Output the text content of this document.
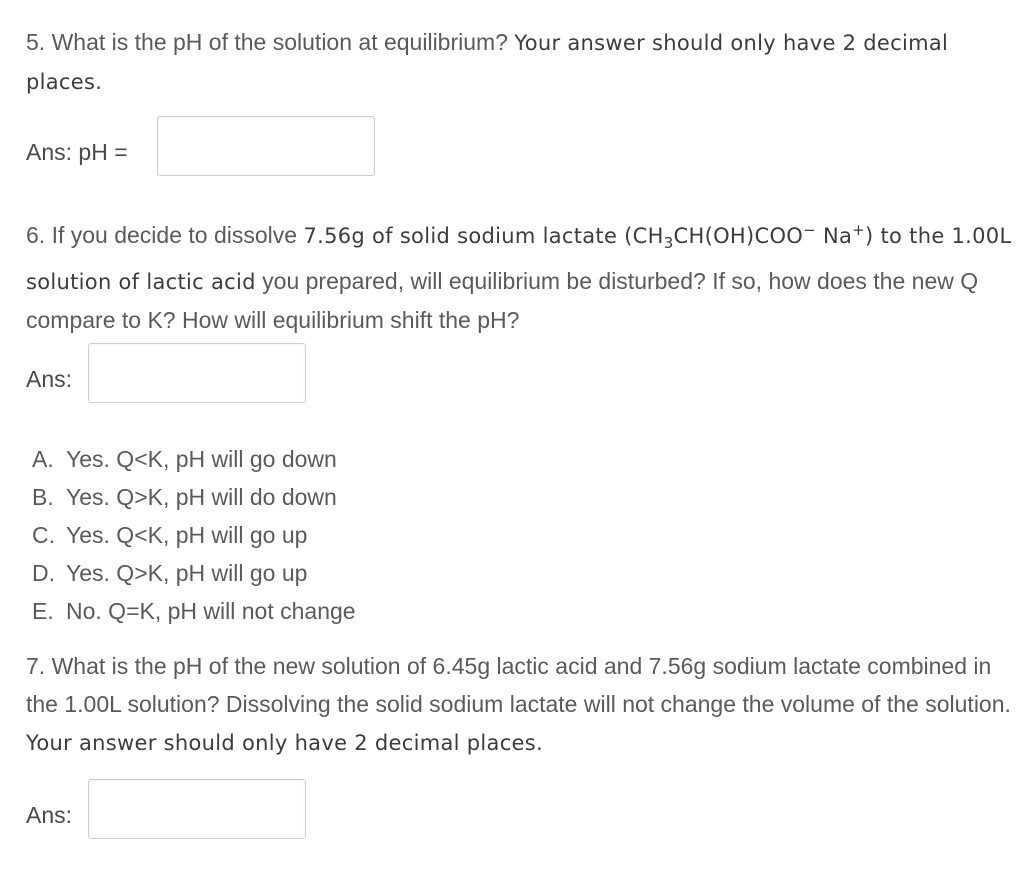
5. What is the pH of the solution at equilibrium? Your answer should only have 2 decimal places.
Ans: pH =
6. If you decide to dissolve 7.56g of solid sodium lactate ($CH_3CH(OH)COO^-$ Na+) to the 1.00L solution of lactic acid you prepared, will equilibrium be disturbed? If so, how does the new Q compare to K? How will equilibrium shift the pH?
Ans:
A. Yes. Q<K, pH will go down
B. Yes. Q>K, pH will do down
C. Yes. Q<K, pH will go up
D. Yes. Q>K, pH will go up
E. No. Q=K, pH will not change
7. What is the pH of the new solution of 6.45g lactic acid and 7.56g sodium lactate combined in the 1.00L solution? Dissolving the solid sodium lactate will not change the volume of the solution. Your answer should only have 2 decimal places.
Ans:
